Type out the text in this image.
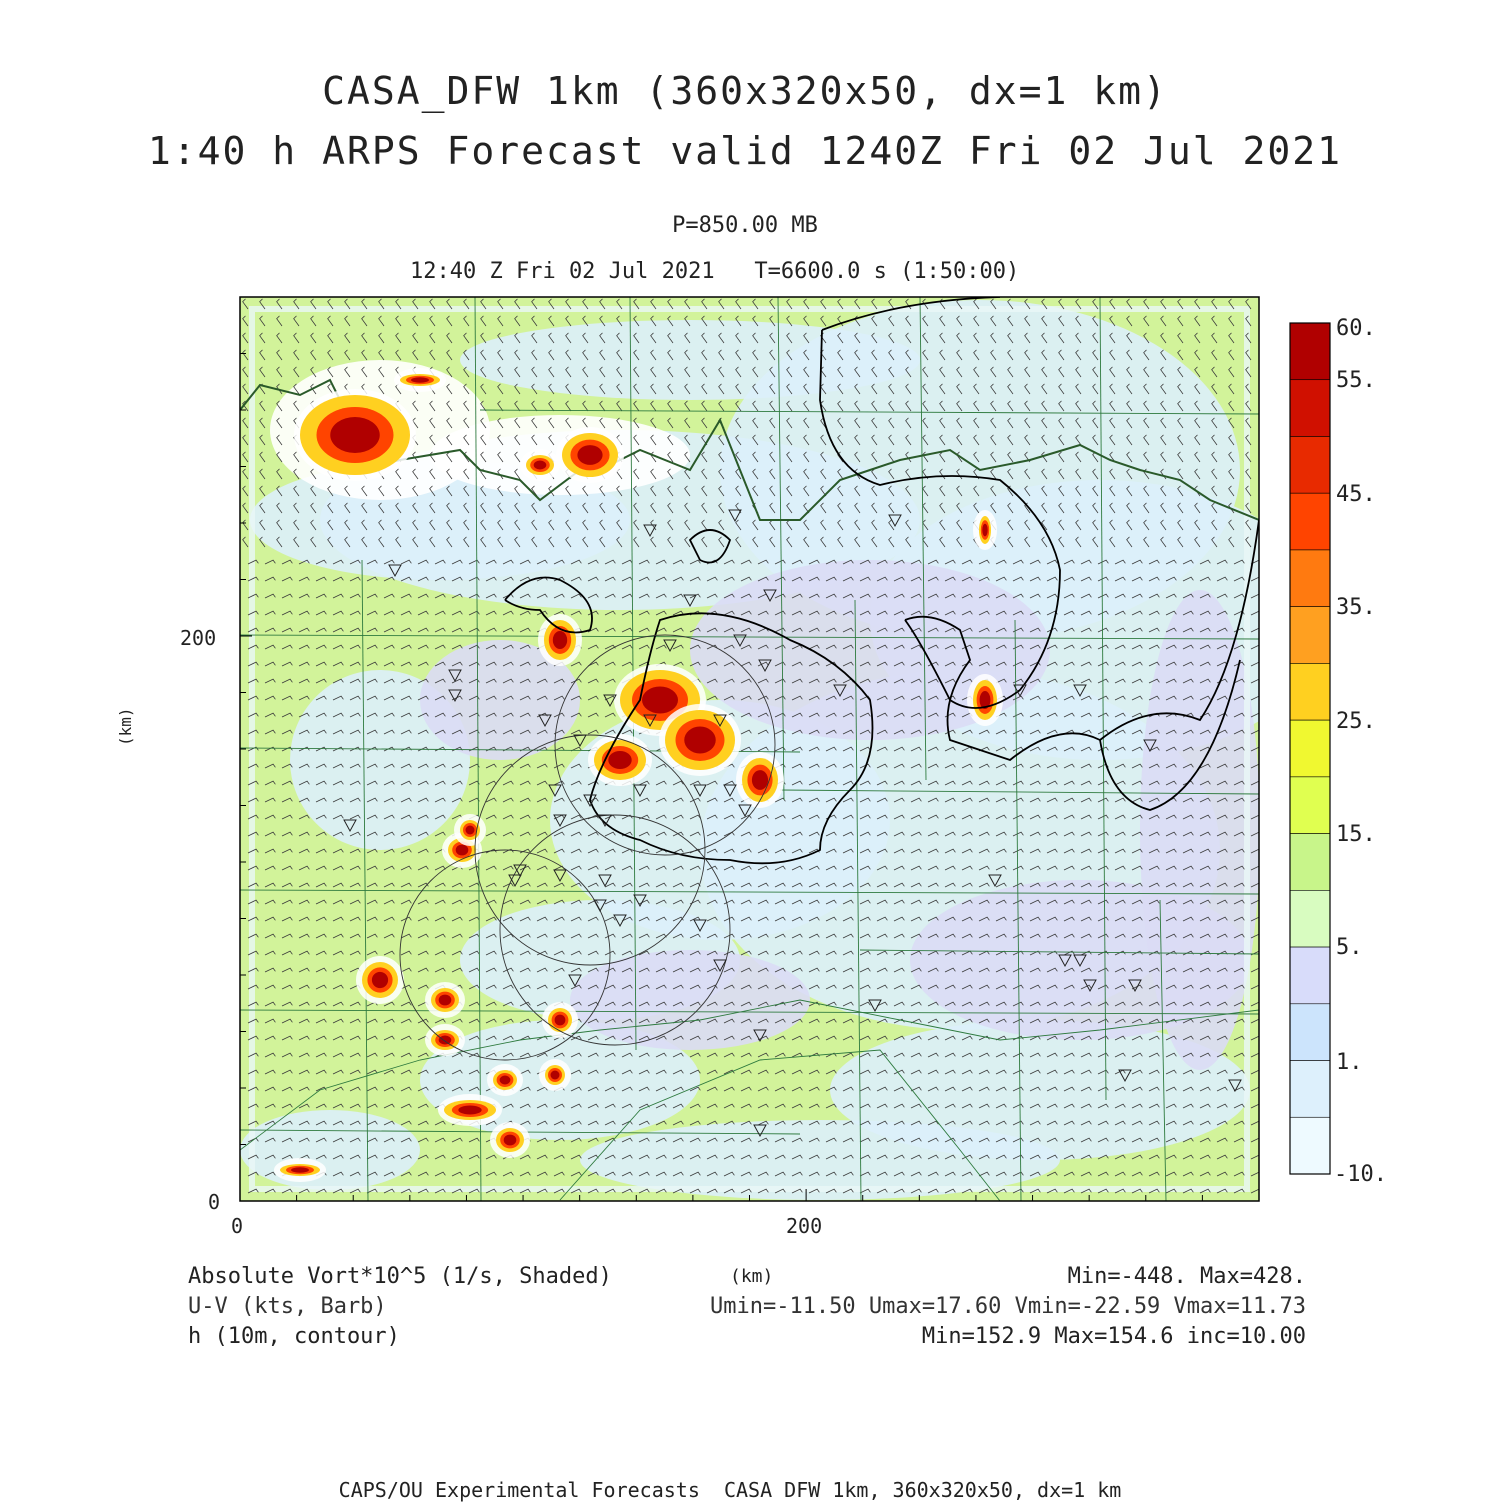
CASA_DFW 1km (360x320x50, dx=1 km)
1:40 h ARPS Forecast valid 1240Z Fri 02 Jul 2021
P=850.00 MB
12:40 Z Fri 02 Jul 2021   T=6600.0 s (1:50:00)
200
0
0	200
(km)
60.
55.
45.
35.
25.
15.
5.
1.
-10.
Absolute Vort*10^5 (1/s, Shaded)
U-V (kts, Barb)
h (10m, contour)
(km)	Min=-448. Max=428.
Umin=-11.50 Umax=17.60 Vmin=-22.59 Vmax=11.73
Min=152.9 Max=154.6 inc=10.00
CAPS/OU Experimental Forecasts  CASA DFW 1km, 360x320x50, dx=1 km
